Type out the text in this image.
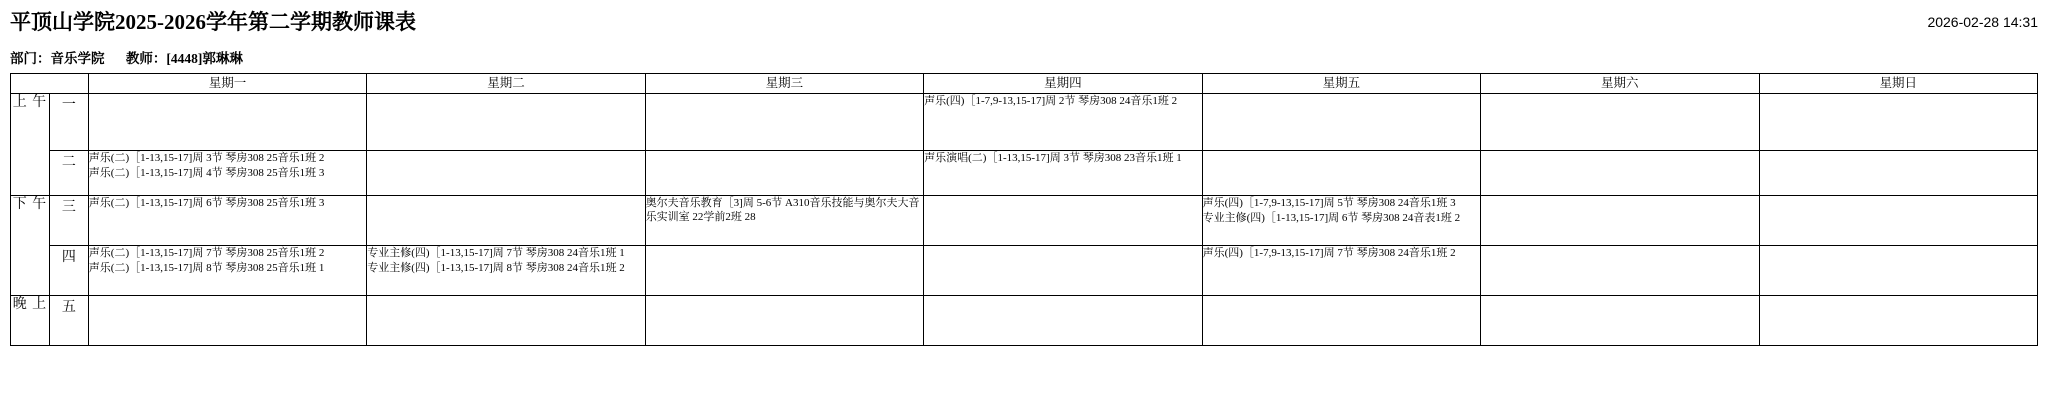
平顶山学院2025-2026学年第二学期教师课表	2026-02-28 14:31
部门：音乐学院 教师：[4448]郭琳琳
		星期一	星期二	星期三	星期四	星期五	星期六	星期日
上 午	一				声乐(四)［1-7,9-13,15-17]周 2节 琴房308 24音乐1班 2			

	二	声乐(二)［1-13,15-17]周 3节 琴房308 25音乐1班 2
声乐(二)［1-13,15-17]周 4节 琴房308 25音乐1班 3			声乐演唱(二)［1-13,15-17]周 3节 琴房308 23音乐1班 1			

下 午	三	声乐(二)［1-13,15-17]周 6节 琴房308 25音乐1班 3		奥尔夫音乐教育［3]周 5-6节 A310音乐技能与奥尔夫大音乐实训室 22学前2班 28		声乐(四)［1-7,9-13,15-17]周 5节 琴房308 24音乐1班 3
专业主修(四)［1-13,15-17]周 6节 琴房308 24音表1班 2		

	四	声乐(二)［1-13,15-17]周 7节 琴房308 25音乐1班 2
声乐(二)［1-13,15-17]周 8节 琴房308 25音乐1班 1	专业主修(四)［1-13,15-17]周 7节 琴房308 24音乐1班 1
专业主修(四)［1-13,15-17]周 8节 琴房308 24音乐1班 2			声乐(四)［1-7,9-13,15-17]周 7节 琴房308 24音乐1班 2		

晚 上	五	
